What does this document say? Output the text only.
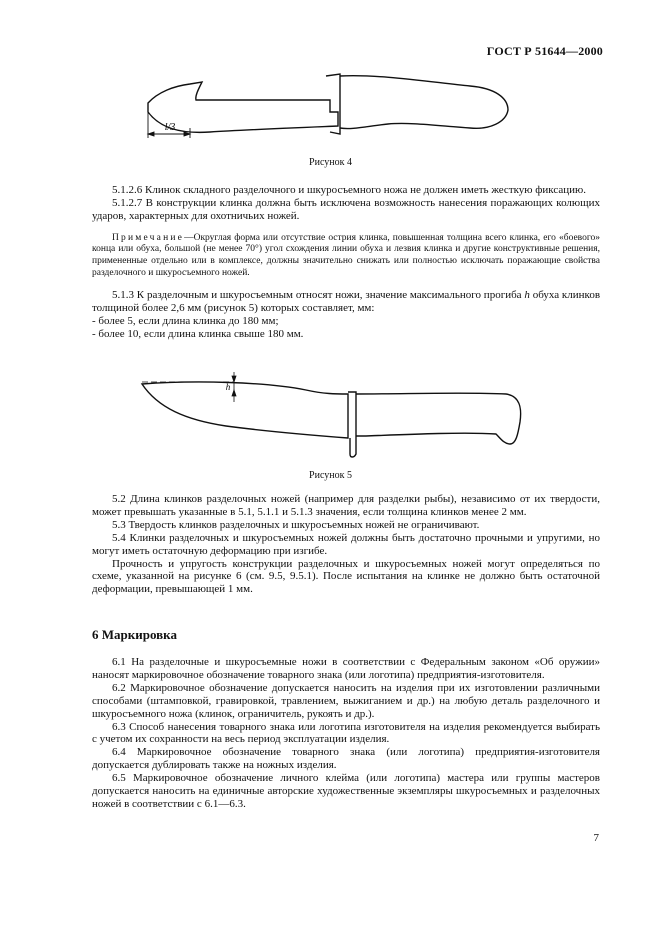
ГОСТ Р 51644—2000
l/3
Рисунок 4

5.1.2.6 Клинок складного разделочного и шкуросъемного ножа не должен иметь жесткую фиксацию.

5.1.2.7 В конструкции клинка должна быть исключена возможность нанесения поражающих колющих ударов, характерных для охотничьих ножей.

Примечание—Округлая форма или отсутствие острия клинка, повышенная толщина всего клинка, его «боевого» конца или обуха, большой (не менее 70°) угол схождения линии обуха и лезвия клинка и другие конструктивные решения, примененные отдельно или в комплексе, должны значительно снижать или полностью исключать поражающие свойства разделочного и шкуросъемного ножей.

5.1.3 К разделочным и шкуросъемным относят ножи, значение максимального прогиба h обуха клинков толщиной более 2,6 мм (рисунок 5) которых составляет, мм:

- более 5, если длина клинка до 180 мм;

- более 10, если длина клинка свыше 180 мм.

h
Рисунок 5

5.2 Длина клинков разделочных ножей (например для разделки рыбы), независимо от их твердости, может превышать указанные в 5.1, 5.1.1 и 5.1.3 значения, если толщина клинков менее 2 мм.

5.3 Твердость клинков разделочных и шкуросъемных ножей не ограничивают.

5.4 Клинки разделочных и шкуросъемных ножей должны быть достаточно прочными и упругими, но могут иметь остаточную деформацию при изгибе.

Прочность и упругость конструкции разделочных и шкуросъемных ножей могут определяться по схеме, указанной на рисунке 6 (см. 9.5, 9.5.1). После испытания на клинке не должно быть остаточной деформации, превышающей 1 мм.

6 Маркировка

6.1 На разделочные и шкуросъемные ножи в соответствии с Федеральным законом «Об оружии» наносят маркировочное обозначение товарного знака (или логотипа) предприятия-изготовителя.

6.2 Маркировочное обозначение допускается наносить на изделия при их изготовлении различными способами (штамповкой, гравировкой, травлением, выжиганием и др.) на любую деталь разделочного и шкуросъемного ножа (клинок, ограничитель, рукоять и др.).

6.3 Способ нанесения товарного знака или логотипа изготовителя на изделия рекомендуется выбирать с учетом их сохранности на весь период эксплуатации изделия.

6.4 Маркировочное обозначение товарного знака (или логотипа) предприятия-изготовителя допускается дублировать также на ножных изделия.

6.5 Маркировочное обозначение личного клейма (или логотипа) мастера или группы мастеров допускается наносить на единичные авторские художественные экземпляры шкуросъемных и разделочных ножей в соответствии с 6.1—6.3.

7
